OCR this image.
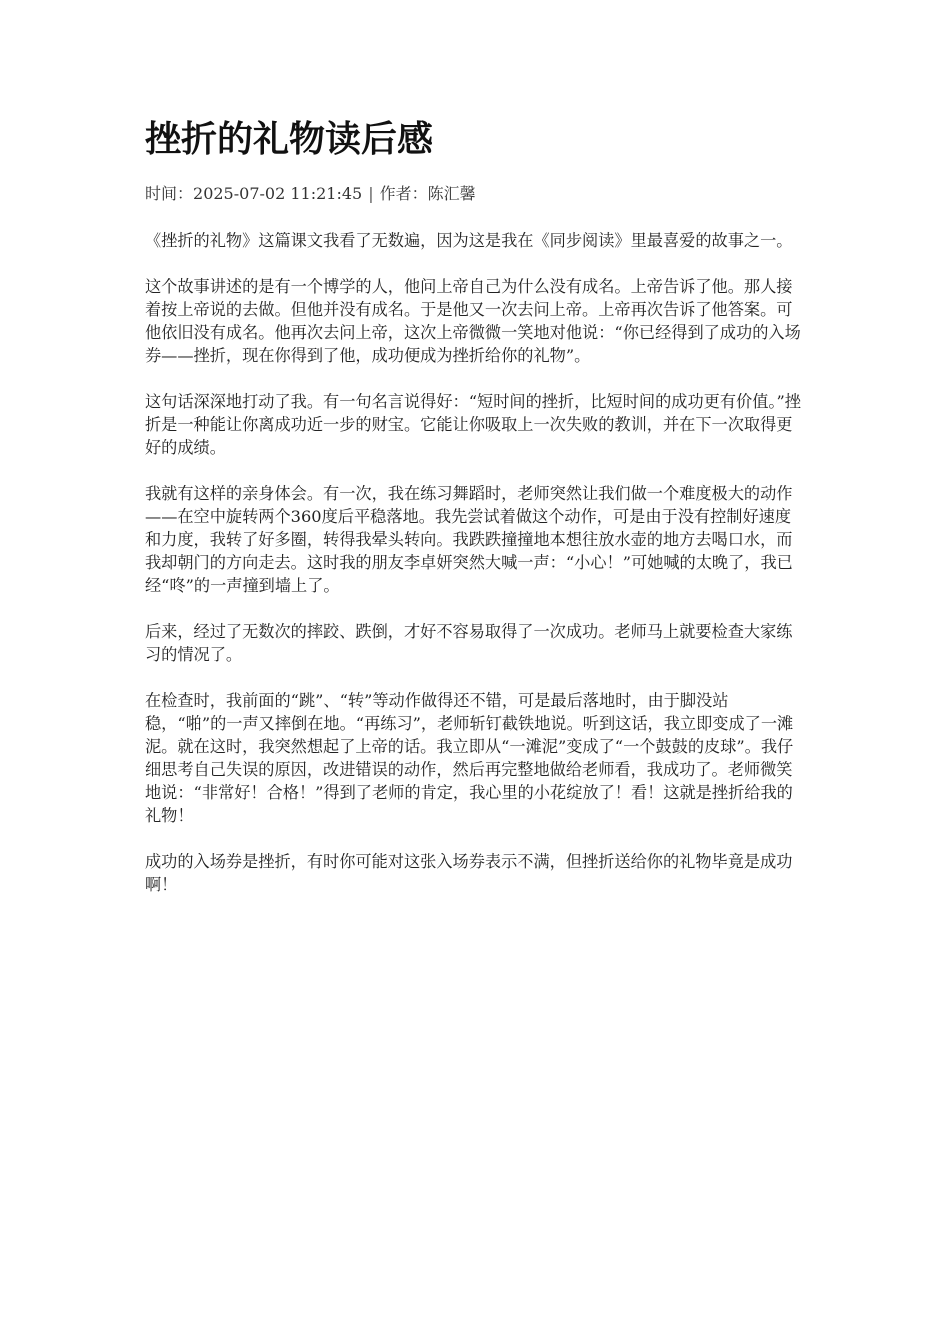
挫折的礼物读后感
时间：2025-07-02 11:21:45 | 作者：陈汇馨

《挫折的礼物》这篇课文我看了无数遍，因为这是我在《同步阅读》里最喜爱的故事之一。

这个故事讲述的是有一个博学的人，他问上帝自己为什么没有成名。上帝告诉了他。那人接着按上帝说的去做。但他并没有成名。于是他又一次去问上帝。上帝再次告诉了他答案。可他依旧没有成名。他再次去问上帝，这次上帝微微一笑地对他说：“你已经得到了成功的入场券——挫折，现在你得到了他，成功便成为挫折给你的礼物”。

这句话深深地打动了我。有一句名言说得好：“短时间的挫折，比短时间的成功更有价值。”挫折是一种能让你离成功近一步的财宝。它能让你吸取上一次失败的教训，并在下一次取得更好的成绩。

我就有这样的亲身体会。有一次，我在练习舞蹈时，老师突然让我们做一个难度极大的动作——在空中旋转两个360度后平稳落地。我先尝试着做这个动作，可是由于没有控制好速度和力度，我转了好多圈，转得我晕头转向。我跌跌撞撞地本想往放水壶的地方去喝口水，而我却朝门的方向走去。这时我的朋友李卓妍突然大喊一声：“小心！”可她喊的太晚了，我已经“咚”的一声撞到墙上了。

后来，经过了无数次的摔跤、跌倒，才好不容易取得了一次成功。老师马上就要检查大家练习的情况了。

在检查时，我前面的“跳”、“转”等动作做得还不错，可是最后落地时，由于脚没站稳，“啪”的一声又摔倒在地。“再练习”，老师斩钉截铁地说。听到这话，我立即变成了一滩泥。就在这时，我突然想起了上帝的话。我立即从“一滩泥”变成了“一个鼓鼓的皮球”。我仔细思考自己失误的原因，改进错误的动作，然后再完整地做给老师看，我成功了。老师微笑地说：“非常好！合格！”得到了老师的肯定，我心里的小花绽放了！看！这就是挫折给我的礼物！

成功的入场券是挫折，有时你可能对这张入场券表示不满，但挫折送给你的礼物毕竟是成功啊！
